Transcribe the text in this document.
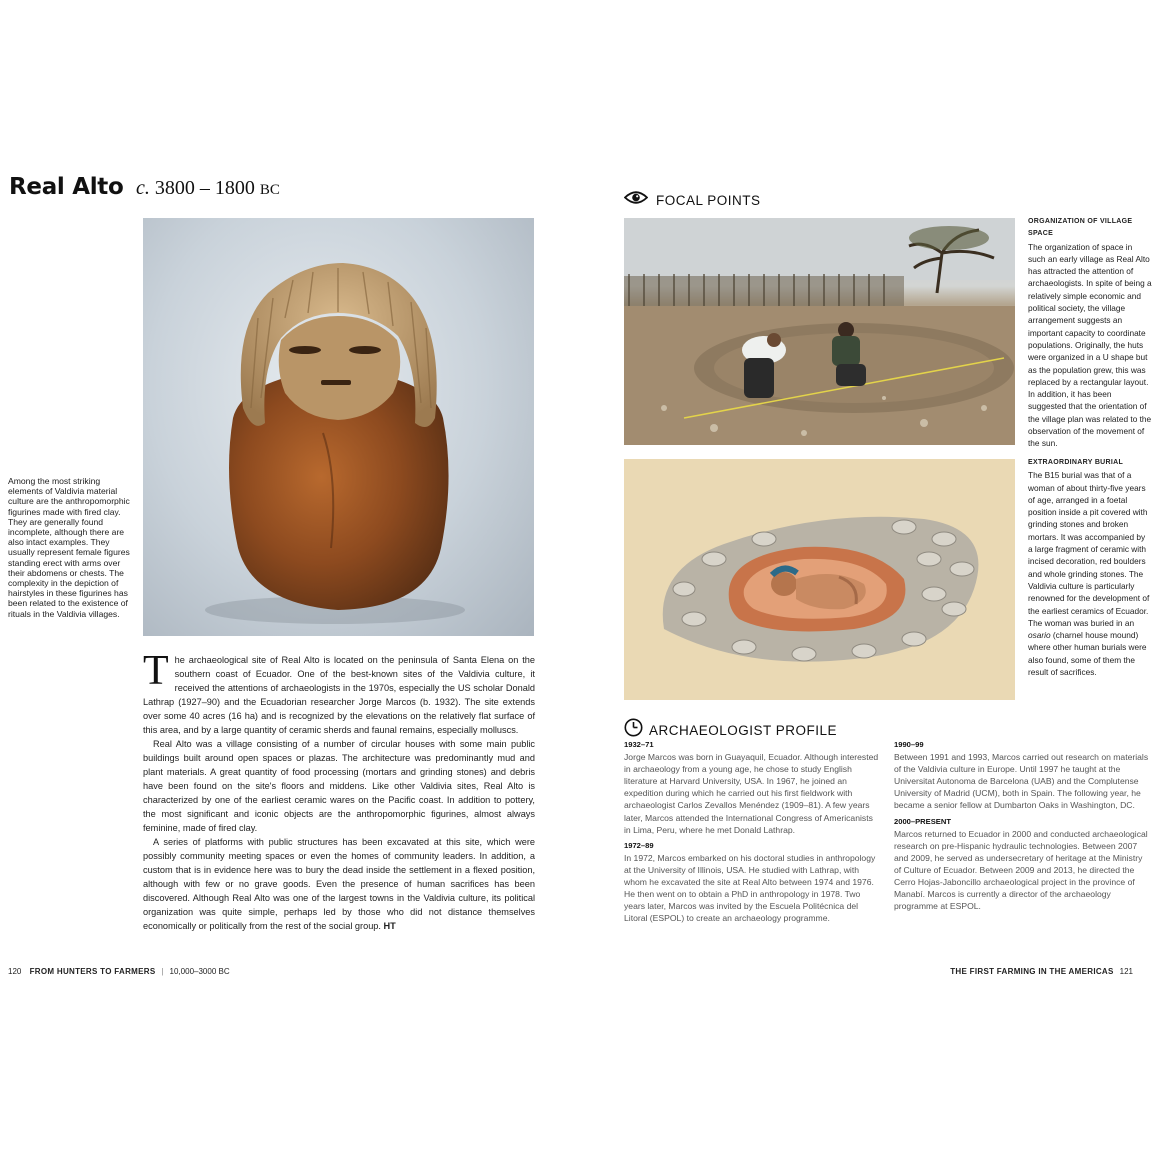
Real Alto c. 3800 – 1800 BC
Among the most striking elements of Valdivia material culture are the anthropomorphic figurines made with fired clay. They are generally found incomplete, although there are also intact examples. They usually represent female figures standing erect with arms over their abdomens or chests. The complexity in the depiction of hairstyles in these figurines has been related to the existence of rituals in the Valdivia villages.

The archaeological site of Real Alto is located on the peninsula of Santa Elena on the southern coast of Ecuador. One of the best-known sites of the Valdivia culture, it received the attentions of archaeologists in the 1970s, especially the US scholar Donald Lathrap (1927–90) and the Ecuadorian researcher Jorge Marcos (b. 1932). The site extends over some 40 acres (16 ha) and is recognized by the elevations on the relatively flat surface of this area, and by a large quantity of ceramic sherds and faunal remains, especially molluscs.

Real Alto was a village consisting of a number of circular houses with some main public buildings built around open spaces or plazas. The architecture was predominantly mud and plant materials. A great quantity of food processing (mortars and grinding stones) and debris have been found on the site's floors and middens. Like other Valdivia sites, Real Alto is characterized by one of the earliest ceramic wares on the Pacific coast. In addition to pottery, the most significant and iconic objects are the anthropomorphic figurines, almost always feminine, made of fired clay.

A series of platforms with public structures has been excavated at this site, which were possibly community meeting spaces or even the homes of community leaders. In addition, a custom that is in evidence here was to bury the dead inside the settlement in a flexed position, although with few or no grave goods. Even the presence of human sacrifices has been discovered. Although Real Alto was one of the largest towns in the Valdivia culture, its political organization was quite simple, perhaps led by those who did not distance themselves economically or politically from the rest of the social group. HT

120 FROM HUNTERS TO FARMERS | 10,000–3000 BC
FOCAL POINTS
ORGANIZATION OF VILLAGE SPACE
The organization of space in such an early village as Real Alto has attracted the attention of archaeologists. In spite of being a relatively simple economic and political society, the village arrangement suggests an important capacity to coordinate populations. Originally, the huts were organized in a U shape but as the population grew, this was replaced by a rectangular layout. In addition, it has been suggested that the orientation of the village plan was related to the observation of the movement of the sun.
EXTRAORDINARY BURIAL
The B15 burial was that of a woman of about thirty-five years of age, arranged in a foetal position inside a pit covered with grinding stones and broken mortars. It was accompanied by a large fragment of ceramic with incised decoration, red boulders and whole grinding stones. The Valdivia culture is particularly renowned for the development of the earliest ceramics of Ecuador. The woman was buried in an osario (charnel house mound) where other human burials were also found, some of them the result of sacrifices.
ARCHAEOLOGIST PROFILE
1932–71
Jorge Marcos was born in Guayaquil, Ecuador. Although interested in archaeology from a young age, he chose to study English literature at Harvard University, USA. In 1967, he joined an expedition during which he carried out his first fieldwork with archaeologist Carlos Zevallos Menéndez (1909–81). A few years later, Marcos attended the International Congress of Americanists in Lima, Peru, where he met Donald Lathrap.
1972–89
In 1972, Marcos embarked on his doctoral studies in anthropology at the University of Illinois, USA. He studied with Lathrap, with whom he excavated the site at Real Alto between 1974 and 1976. He then went on to obtain a PhD in anthropology in 1978. Two years later, Marcos was invited by the Escuela Politécnica del Litoral (ESPOL) to create an archaeology programme.
1990–99
Between 1991 and 1993, Marcos carried out research on materials of the Valdivia culture in Europe. Until 1997 he taught at the Universitat Autonoma de Barcelona (UAB) and the Complutense University of Madrid (UCM), both in Spain. The following year, he became a senior fellow at Dumbarton Oaks in Washington, DC.
2000–PRESENT
Marcos returned to Ecuador in 2000 and conducted archaeological research on pre-Hispanic hydraulic technologies. Between 2007 and 2009, he served as undersecretary of heritage at the Ministry of Culture of Ecuador. Between 2009 and 2013, he directed the Cerro Hojas-Jaboncillo archaeological project in the province of Manabí. Marcos is currently a director of the archaeology programme at ESPOL.
THE FIRST FARMING IN THE AMERICAS 121
